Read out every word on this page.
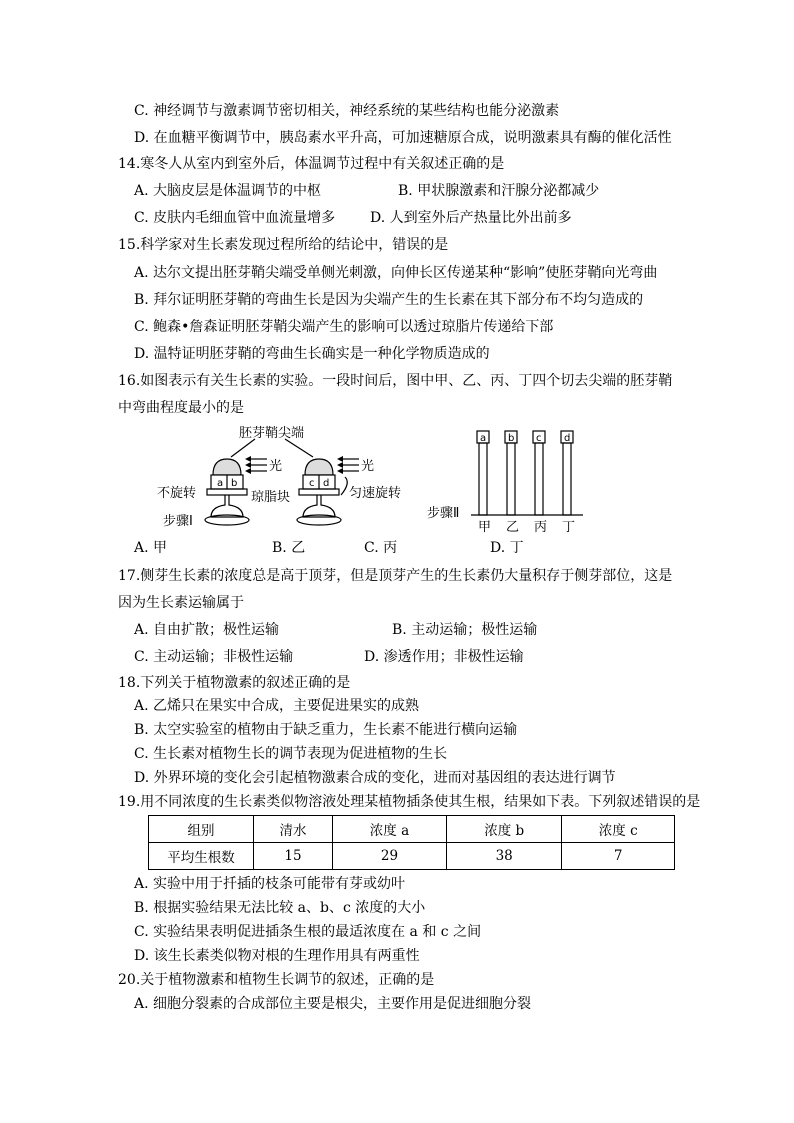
C. 神经调节与激素调节密切相关，神经系统的某些结构也能分泌激素
D. 在血糖平衡调节中，胰岛素水平升高，可加速糖原合成，说明激素具有酶的催化活性
14.寒冬人从室内到室外后，体温调节过程中有关叙述正确的是
A. 大脑皮层是体温调节的中枢	B. 甲状腺激素和汗腺分泌都减少
C. 皮肤内毛细血管中血流量增多 D. 人到室外后产热量比外出前多
15.科学家对生长素发现过程所给的结论中，错误的是
A. 达尔文提出胚芽鞘尖端受单侧光刺激，向伸长区传递某种“影响”使胚芽鞘向光弯曲
B. 拜尔证明胚芽鞘的弯曲生长是因为尖端产生的生长素在其下部分布不均匀造成的
C. 鲍森•詹森证明胚芽鞘尖端产生的影响可以透过琼脂片传递给下部
D. 温特证明胚芽鞘的弯曲生长确实是一种化学物质造成的
16.如图表示有关生长素的实验。一段时间后，图中甲、乙、丙、丁四个切去尖端的胚芽鞘
中弯曲程度最小的是
胚芽鞘尖端
光	光
a b	c d
不旋转	琼脂块	匀速旋转
步骤Ⅰ
a b c d
步骤Ⅱ
甲 乙 丙 丁
A. 甲	B. 乙	C. 丙	D. 丁
17.侧芽生长素的浓度总是高于顶芽，但是顶芽产生的生长素仍大量积存于侧芽部位，这是
因为生长素运输属于
A. 自由扩散；极性运输	B. 主动运输；极性运输
C. 主动运输；非极性运输	D. 渗透作用；非极性运输
18.下列关于植物激素的叙述正确的是
A. 乙烯只在果实中合成，主要促进果实的成熟
B. 太空实验室的植物由于缺乏重力，生长素不能进行横向运输
C. 生长素对植物生长的调节表现为促进植物的生长
D. 外界环境的变化会引起植物激素合成的变化，进而对基因组的表达进行调节
19.用不同浓度的生长素类似物溶液处理某植物插条使其生根，结果如下表。下列叙述错误的是
组别	清水	浓度 a	浓度 b	浓度 c
平均生根数	15	29	38	7
A. 实验中用于扦插的枝条可能带有芽或幼叶
B. 根据实验结果无法比较 a、b、c 浓度的大小
C. 实验结果表明促进插条生根的最适浓度在 a 和 c 之间
D. 该生长素类似物对根的生理作用具有两重性
20.关于植物激素和植物生长调节的叙述，正确的是
A. 细胞分裂素的合成部位主要是根尖，主要作用是促进细胞分裂
